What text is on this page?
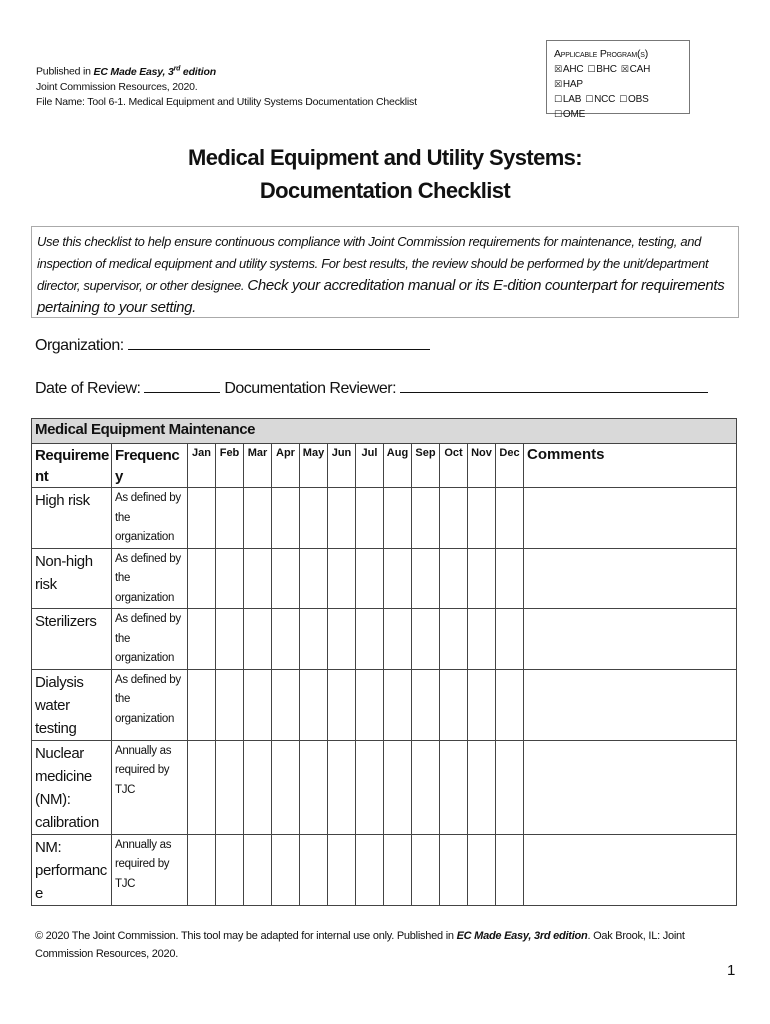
Published in EC Made Easy, 3rd edition
Joint Commission Resources, 2020.
File Name: Tool 6-1. Medical Equipment and Utility Systems Documentation Checklist
Applicable Program(s)
☒AHC ☐BHC ☒CAH☒HAP
☐LAB ☐NCC ☐OBS☐OME
Medical Equipment and Utility Systems:
Documentation Checklist
Use this checklist to help ensure continuous compliance with Joint Commission requirements for maintenance, testing, and inspection of medical equipment and utility systems. For best results, the review should be performed by the unit/department director, supervisor, or other designee. Check your accreditation manual or its E-dition counterpart for requirements pertaining to your setting.
Organization:
Date of Review:	Documentation Reviewer:
Medical Equipment Maintenance														
Requirement	Frequency	Jan	Feb	Mar	Apr	May	Jun	Jul	Aug	Sep	Oct	Nov	Dec	Comments
High risk	As defined by the organization													
Non-high risk	As defined by the organization													
Sterilizers	As defined by the organization													
Dialysis water testing	As defined by the organization													
Nuclear medicine (NM): calibration	Annually as required by TJC													
NM: performance	Annually as required by TJC													
© 2020 The Joint Commission. This tool may be adapted for internal use only. Published in EC Made Easy, 3rd edition. Oak Brook, IL: Joint Commission Resources, 2020.
1
